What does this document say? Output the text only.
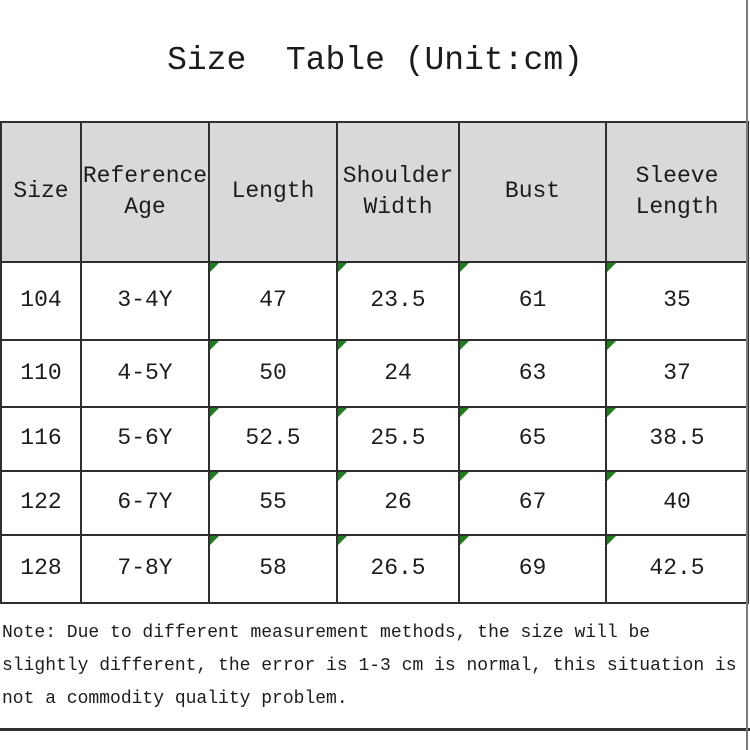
Size  Table (Unit:cm)
Size	Reference Age	Length	Shoulder Width	Bust	Sleeve Length
104	3-4Y	47	23.5	61	35
110	4-5Y	50	24	63	37
116	5-6Y	52.5	25.5	65	38.5
122	6-7Y	55	26	67	40
128	7-8Y	58	26.5	69	42.5
Note: Due to different measurement methods, the size will be slightly different, the error is 1-3 cm is normal, this situation is not a commodity quality problem.
